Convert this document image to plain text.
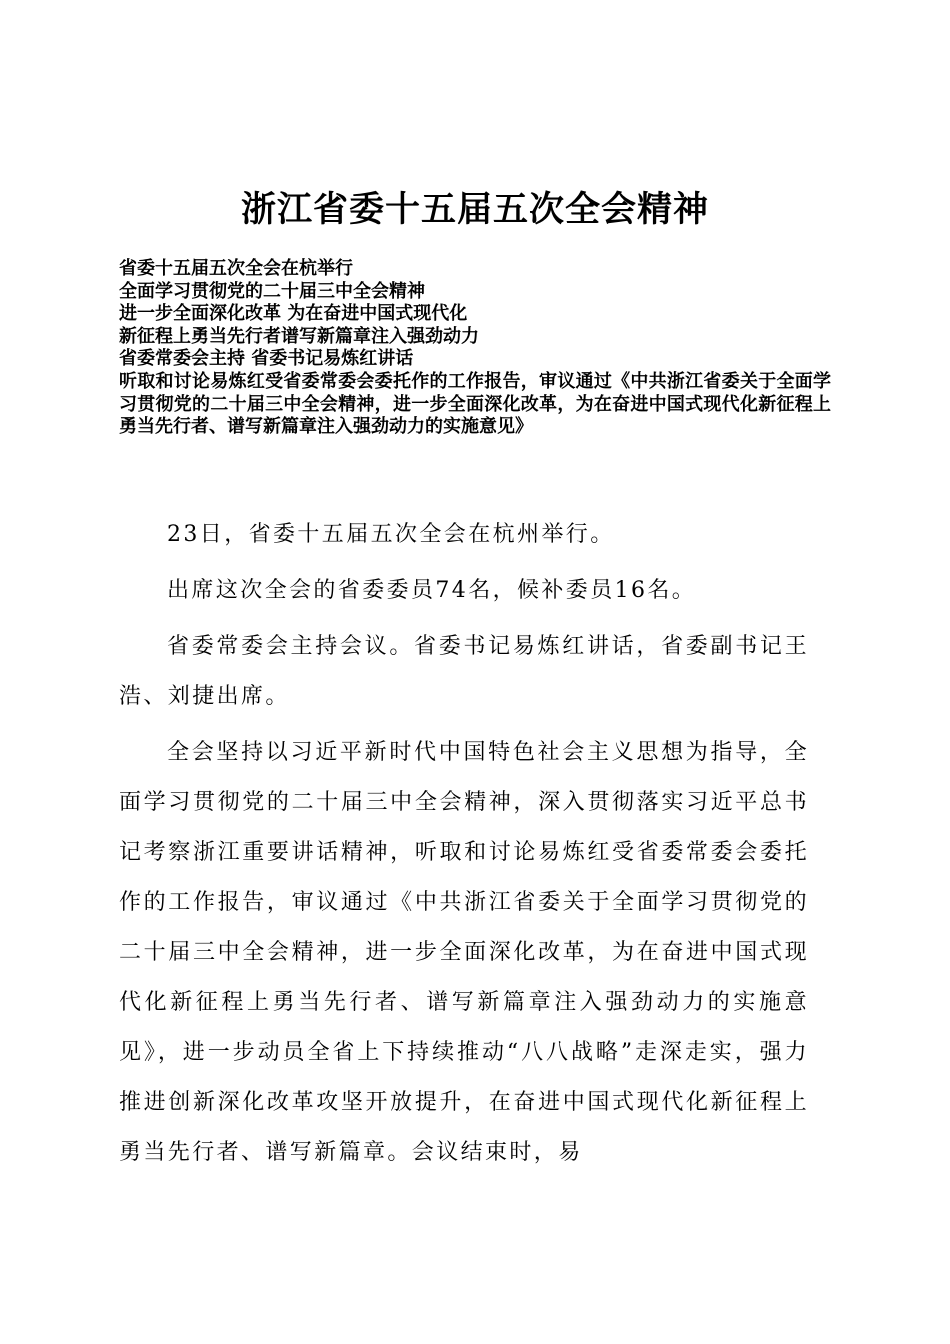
浙江省委十五届五次全会精神
省委十五届五次全会在杭举行
全面学习贯彻党的二十届三中全会精神
进一步全面深化改革 为在奋进中国式现代化
新征程上勇当先行者谱写新篇章注入强劲动力
省委常委会主持 省委书记易炼红讲话
听取和讨论易炼红受省委常委会委托作的工作报告，审议通过《中共浙江省委关于全面学习贯彻党的二十届三中全会精神，进一步全面深化改革，为在奋进中国式现代化新征程上勇当先行者、谱写新篇章注入强劲动力的实施意见》

23日，省委十五届五次全会在杭州举行。

出席这次全会的省委委员74名，候补委员16名。

省委常委会主持会议。省委书记易炼红讲话，省委副书记王浩、刘捷出席。

全会坚持以习近平新时代中国特色社会主义思想为指导，全面学习贯彻党的二十届三中全会精神，深入贯彻落实习近平总书记考察浙江重要讲话精神，听取和讨论易炼红受省委常委会委托作的工作报告，审议通过《中共浙江省委关于全面学习贯彻党的二十届三中全会精神，进一步全面深化改革，为在奋进中国式现代化新征程上勇当先行者、谱写新篇章注入强劲动力的实施意见》，进一步动员全省上下持续推动“八八战略”走深走实，强力推进创新深化改革攻坚开放提升，在奋进中国式现代化新征程上勇当先行者、谱写新篇章。会议结束时，易
